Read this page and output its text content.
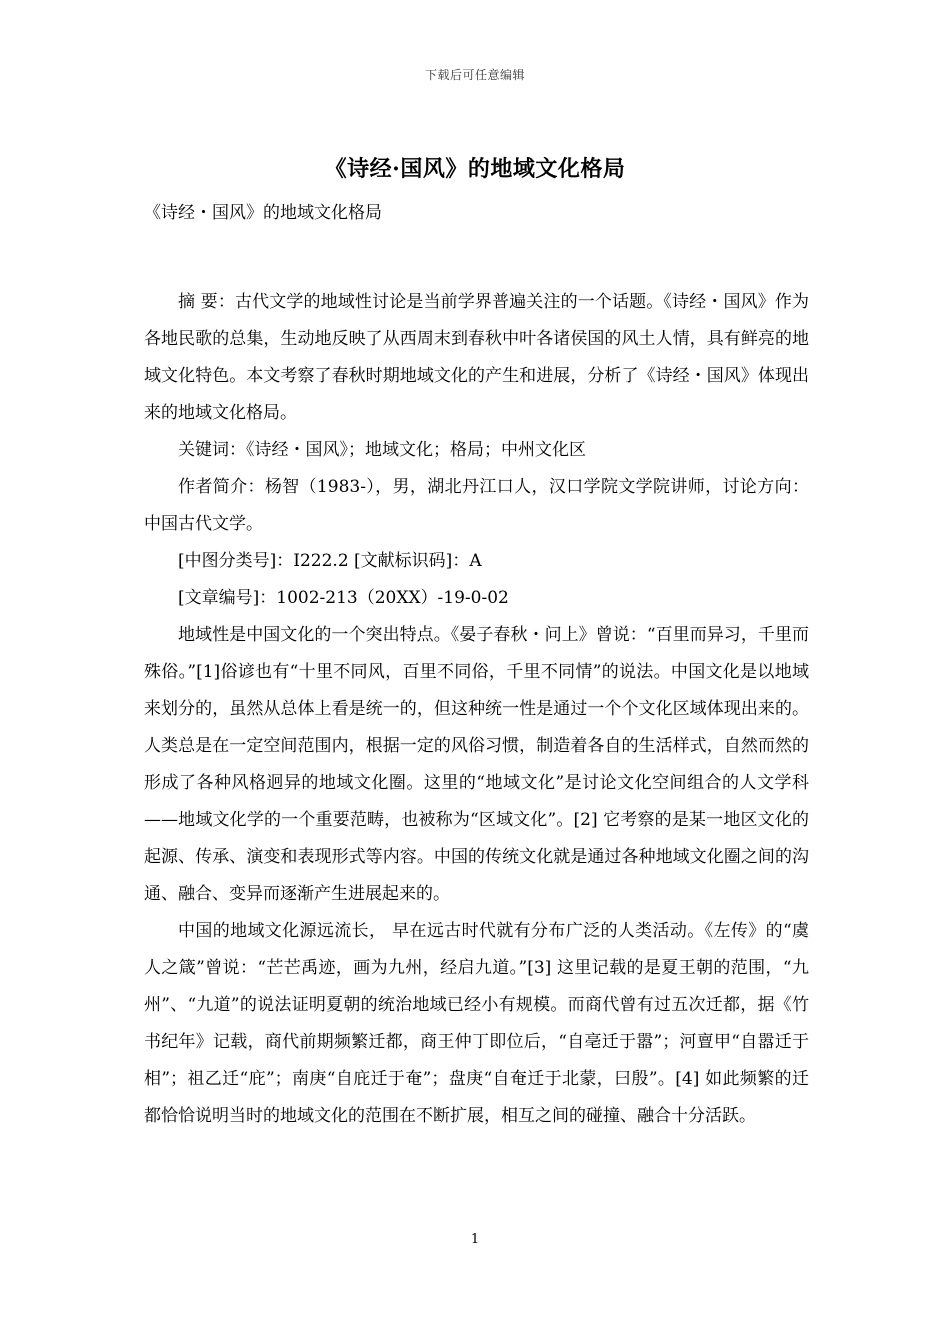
下载后可任意编辑
《诗经·国风》的地域文化格局

《诗经・国风》的地域文化格局

摘 要：古代文学的地域性讨论是当前学界普遍关注的一个话题。《诗经・国风》作为各地民歌的总集，生动地反映了从西周末到春秋中叶各诸侯国的风土人情，具有鲜亮的地域文化特色。本文考察了春秋时期地域文化的产生和进展，分析了《诗经・国风》体现出来的地域文化格局。

关键词：《诗经・国风》；地域文化；格局；中州文化区

作者简介：杨智（1983-），男，湖北丹江口人，汉口学院文学院讲师，讨论方向：中国古代文学。

[中图分类号]：I222.2 [文献标识码]：A

[文章编号]：1002-213（20XX）-19-0-02

地域性是中国文化的一个突出特点。《晏子春秋・问上》曾说：“百里而异习，千里而殊俗。”[1]俗谚也有“十里不同风，百里不同俗，千里不同情”的说法。中国文化是以地域来划分的，虽然从总体上看是统一的，但这种统一性是通过一个个文化区域体现出来的。人类总是在一定空间范围内，根据一定的风俗习惯，制造着各自的生活样式，自然而然的形成了各种风格迥异的地域文化圈。这里的“地域文化”是讨论文化空间组合的人文学科——地域文化学的一个重要范畴，也被称为“区域文化”。[2] 它考察的是某一地区文化的起源、传承、演变和表现形式等内容。中国的传统文化就是通过各种地域文化圈之间的沟通、融合、变异而逐渐产生进展起来的。

中国的地域文化源远流长， 早在远古时代就有分布广泛的人类活动。《左传》的“虞人之箴”曾说：“芒芒禹迹，画为九州，经启九道。”[3] 这里记载的是夏王朝的范围，“九州”、“九道”的说法证明夏朝的统治地域已经小有规模。而商代曾有过五次迁都，据《竹书纪年》记载，商代前期频繁迁都，商王仲丁即位后，“自亳迁于嚣”；河亶甲“自嚣迁于相”；祖乙迁“庇”；南庚“自庇迁于奄”；盘庚“自奄迁于北蒙，曰殷”。[4] 如此频繁的迁都恰恰说明当时的地域文化的范围在不断扩展，相互之间的碰撞、融合十分活跃。

1
